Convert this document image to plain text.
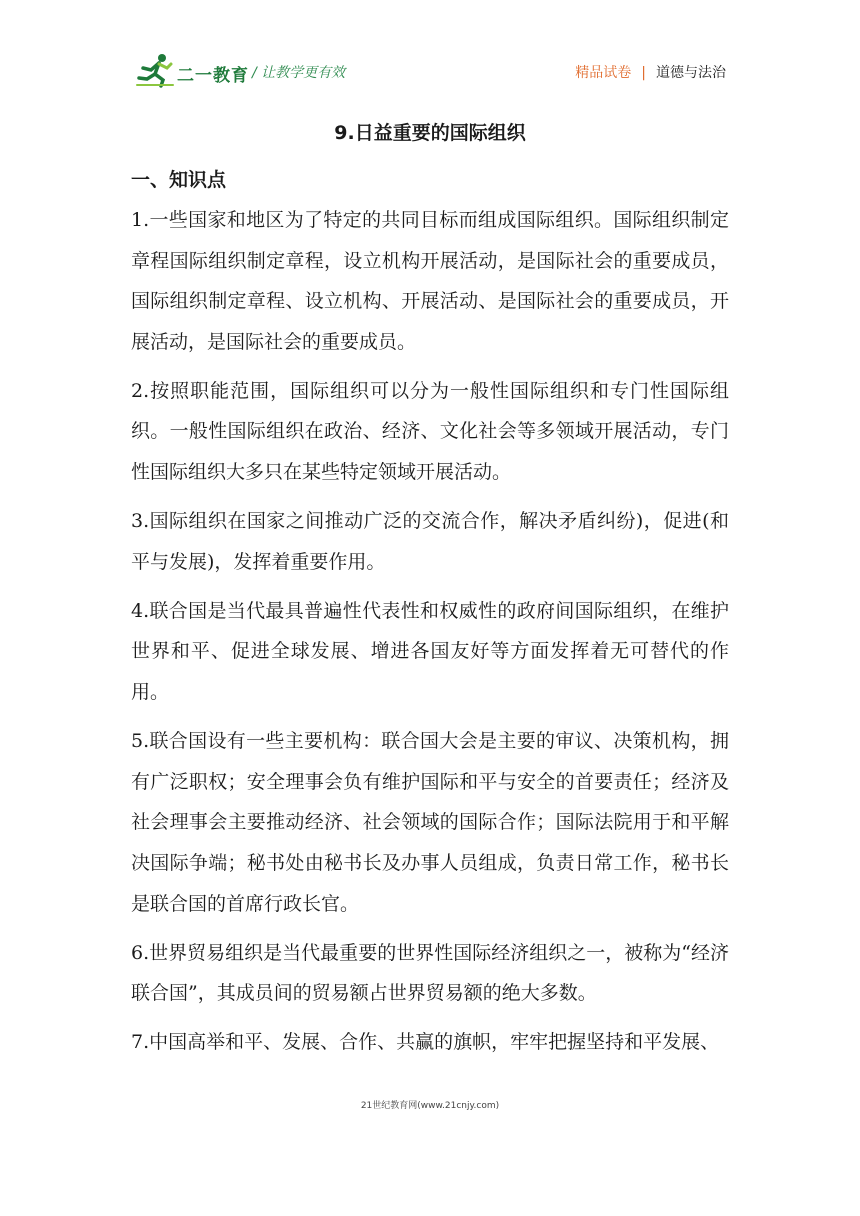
二一教育 / 让教学更有效	精品试卷 | 道德与法治
9.日益重要的国际组织
一、知识点

1.一些国家和地区为了特定的共同目标而组成国际组织。国际组织制定章程国际组织制定章程，设立机构开展活动，是国际社会的重要成员，国际组织制定章程、设立机构、开展活动、是国际社会的重要成员，开展活动，是国际社会的重要成员。

2.按照职能范围，国际组织可以分为一般性国际组织和专门性国际组织。一般性国际组织在政治、经济、文化社会等多领域开展活动，专门性国际组织大多只在某些特定领域开展活动。

3.国际组织在国家之间推动广泛的交流合作，解决矛盾纠纷)，促进(和平与发展)，发挥着重要作用。

4.联合国是当代最具普遍性代表性和权威性的政府间国际组织，在维护世界和平、促进全球发展、增进各国友好等方面发挥着无可替代的作用。

5.联合国设有一些主要机构：联合国大会是主要的审议、决策机构，拥有广泛职权；安全理事会负有维护国际和平与安全的首要责任；经济及社会理事会主要推动经济、社会领域的国际合作；国际法院用于和平解决国际争端；秘书处由秘书长及办事人员组成，负责日常工作，秘书长是联合国的首席行政长官。

6.世界贸易组织是当代最重要的世界性国际经济组织之一，被称为“经济联合国”，其成员间的贸易额占世界贸易额的绝大多数。

7.中国高举和平、发展、合作、共赢的旗帜，牢牢把握坚持和平发展、

21世纪教育网(www.21cnjy.com)
